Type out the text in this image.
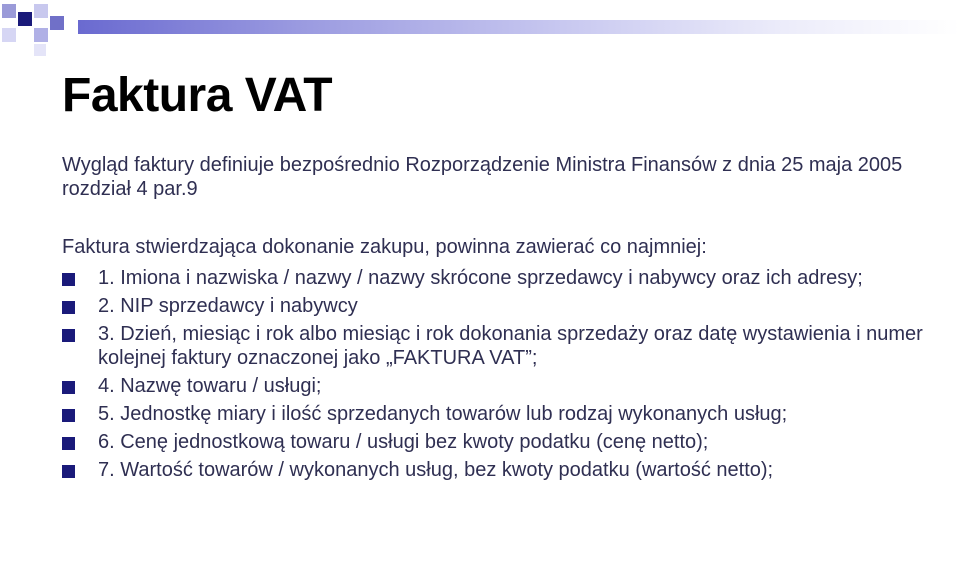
Faktura VAT

Wygląd faktury definiuje bezpośrednio Rozporządzenie Ministra Finansów z dnia 25 maja 2005 rozdział 4 par.9

Faktura stwierdzająca dokonanie zakupu, powinna zawierać co najmniej:

1. Imiona i nazwiska / nazwy / nazwy skrócone sprzedawcy i nabywcy oraz ich adresy;
2. NIP sprzedawcy i nabywcy
3. Dzień, miesiąc i rok albo miesiąc i rok dokonania sprzedaży oraz datę wystawienia i numer kolejnej faktury oznaczonej jako „FAKTURA VAT”;
4. Nazwę towaru / usługi;
5. Jednostkę miary i ilość sprzedanych towarów lub rodzaj wykonanych usług;
6. Cenę jednostkową towaru / usługi bez kwoty podatku (cenę netto);
7. Wartość towarów / wykonanych usług, bez kwoty podatku (wartość netto);
